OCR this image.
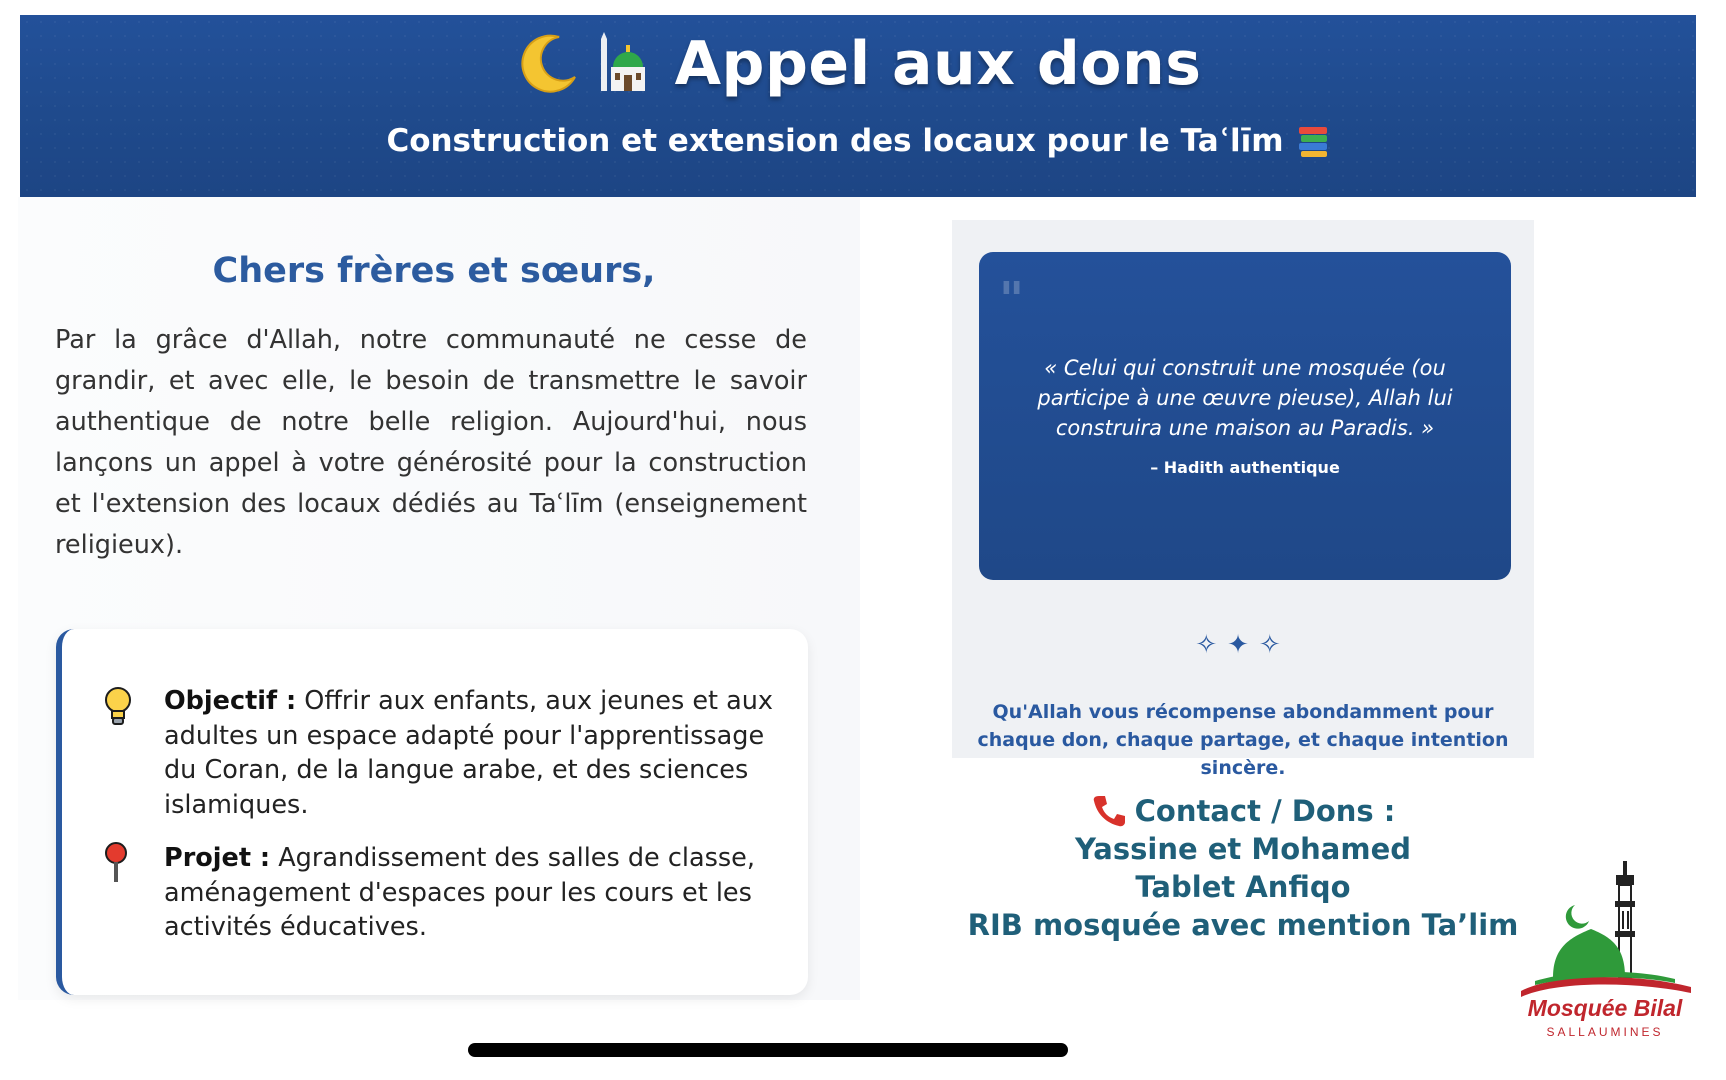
Appel aux dons
Construction et extension des locaux pour le Taʿlīm
Chers frères et sœurs,

Par la grâce d'Allah, notre communauté ne cesse de grandir, et avec elle, le besoin de transmettre le savoir authentique de notre belle religion. Aujourd'hui, nous lançons un appel à votre générosité pour la construction et l'extension des locaux dédiés au Taʿlīm (enseignement religieux).

Objectif : Offrir aux enfants, aux jeunes et aux adultes un espace adapté pour l'apprentissage du Coran, de la langue arabe, et des sciences islamiques.
Projet : Agrandissement des salles de classe, aménagement d'espaces pour les cours et les activités éducatives.
"
« Celui qui construit une mosquée (ou participe à une œuvre pieuse), Allah lui construira une maison au Paradis. »
– Hadith authentique
✧✦✧
Qu'Allah vous récompense abondamment pour chaque don, chaque partage, et chaque intention sincère.
Contact / Dons :
Yassine et Mohamed
Tablet Anfiqo
RIB mosquée avec mention Ta’lim
Mosquée Bilal
SALLAUMINES
